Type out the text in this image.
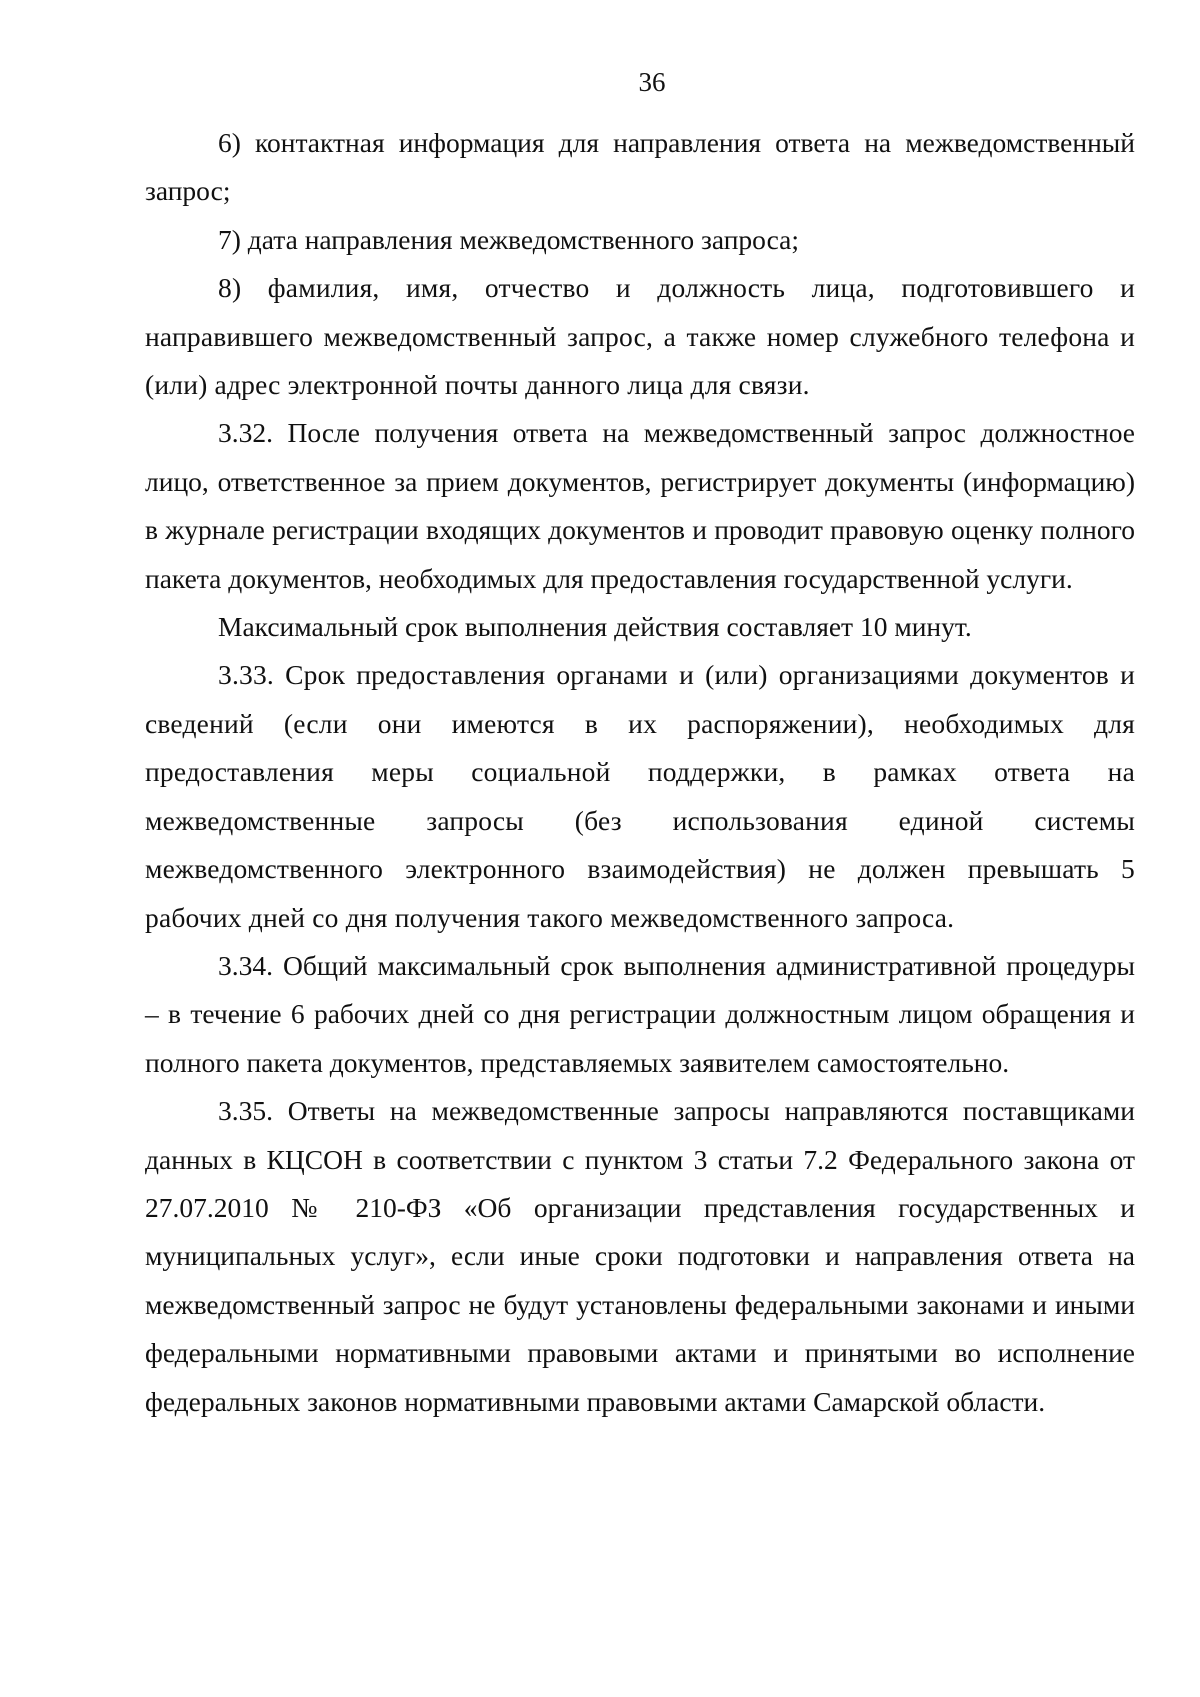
36

6) контактная информация для направления ответа на межведомственный запрос;

7) дата направления межведомственного запроса;

8) фамилия, имя, отчество и должность лица, подготовившего и направившего межведомственный запрос, а также номер служебного телефона и (или) адрес электронной почты данного лица для связи.

3.32. После получения ответа на межведомственный запрос должностное лицо, ответственное за прием документов, регистрирует документы (информацию) в журнале регистрации входящих документов и проводит правовую оценку полного пакета документов, необходимых для предоставления государственной услуги.

Максимальный срок выполнения действия составляет 10 минут.

3.33. Срок предоставления органами и (или) организациями документов и сведений (если они имеются в их распоряжении), необходимых для предоставления меры социальной поддержки, в рамках ответа на межведомственные запросы (без использования единой системы межведомственного электронного взаимодействия) не должен превышать 5 рабочих дней со дня получения такого межведомственного запроса.

3.34. Общий максимальный срок выполнения административной процедуры – в течение 6 рабочих дней со дня регистрации должностным лицом обращения и полного пакета документов, представляемых заявителем самостоятельно.

3.35. Ответы на межведомственные запросы направляются поставщиками данных в КЦСОН в соответствии с пунктом 3 статьи 7.2 Федерального закона от 27.07.2010 № 210-ФЗ «Об организации представления государственных и муниципальных услуг», если иные сроки подготовки и направления ответа на межведомственный запрос не будут установлены федеральными законами и иными федеральными нормативными правовыми актами и принятыми во исполнение федеральных законов нормативными правовыми актами Самарской области.
